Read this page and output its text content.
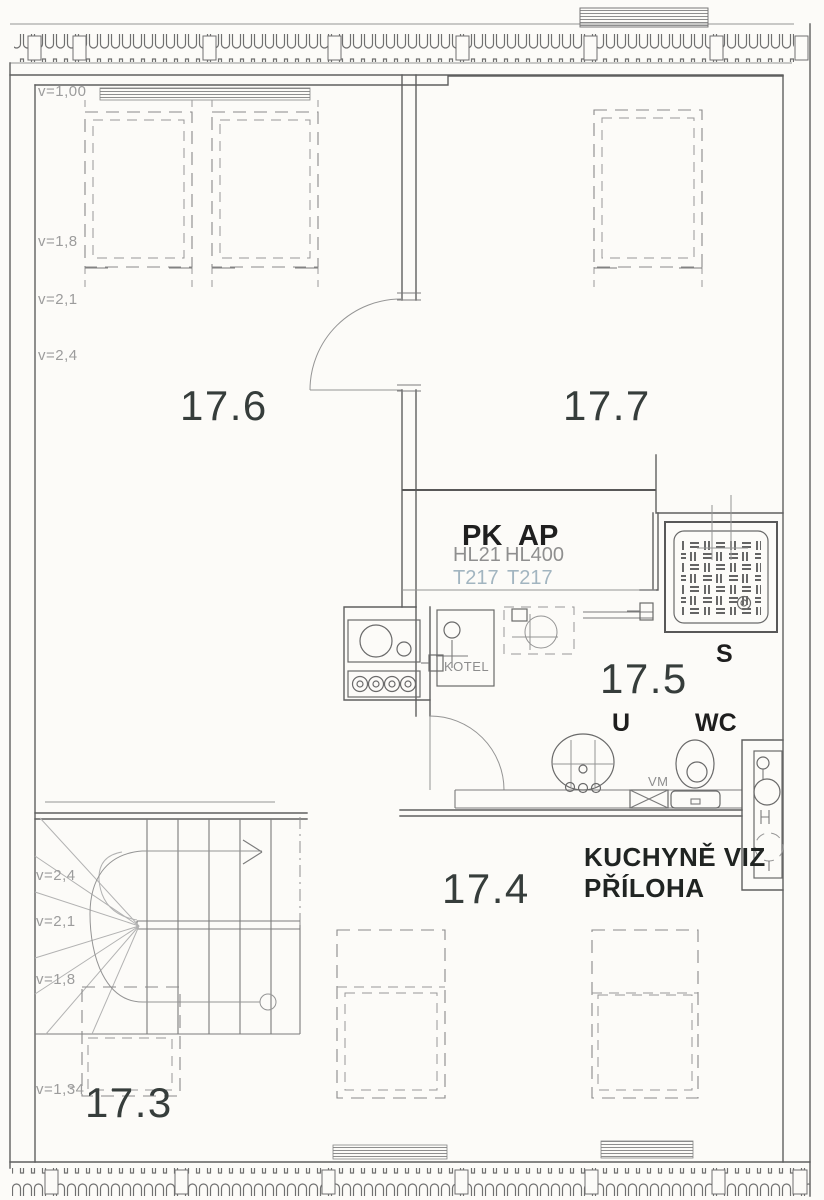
v=1,00
v=1,8
v=2,1
v=2,4
17.6	17.7
17.5
17.4
17.3
PK AP
HL21 HL400
T217 T217
KOTEL	S
U	WC
VM
KUCHYNĚ VIZ
PŘÍLOHA
v=2,4
v=2,1
v=1,8
v=1,34
